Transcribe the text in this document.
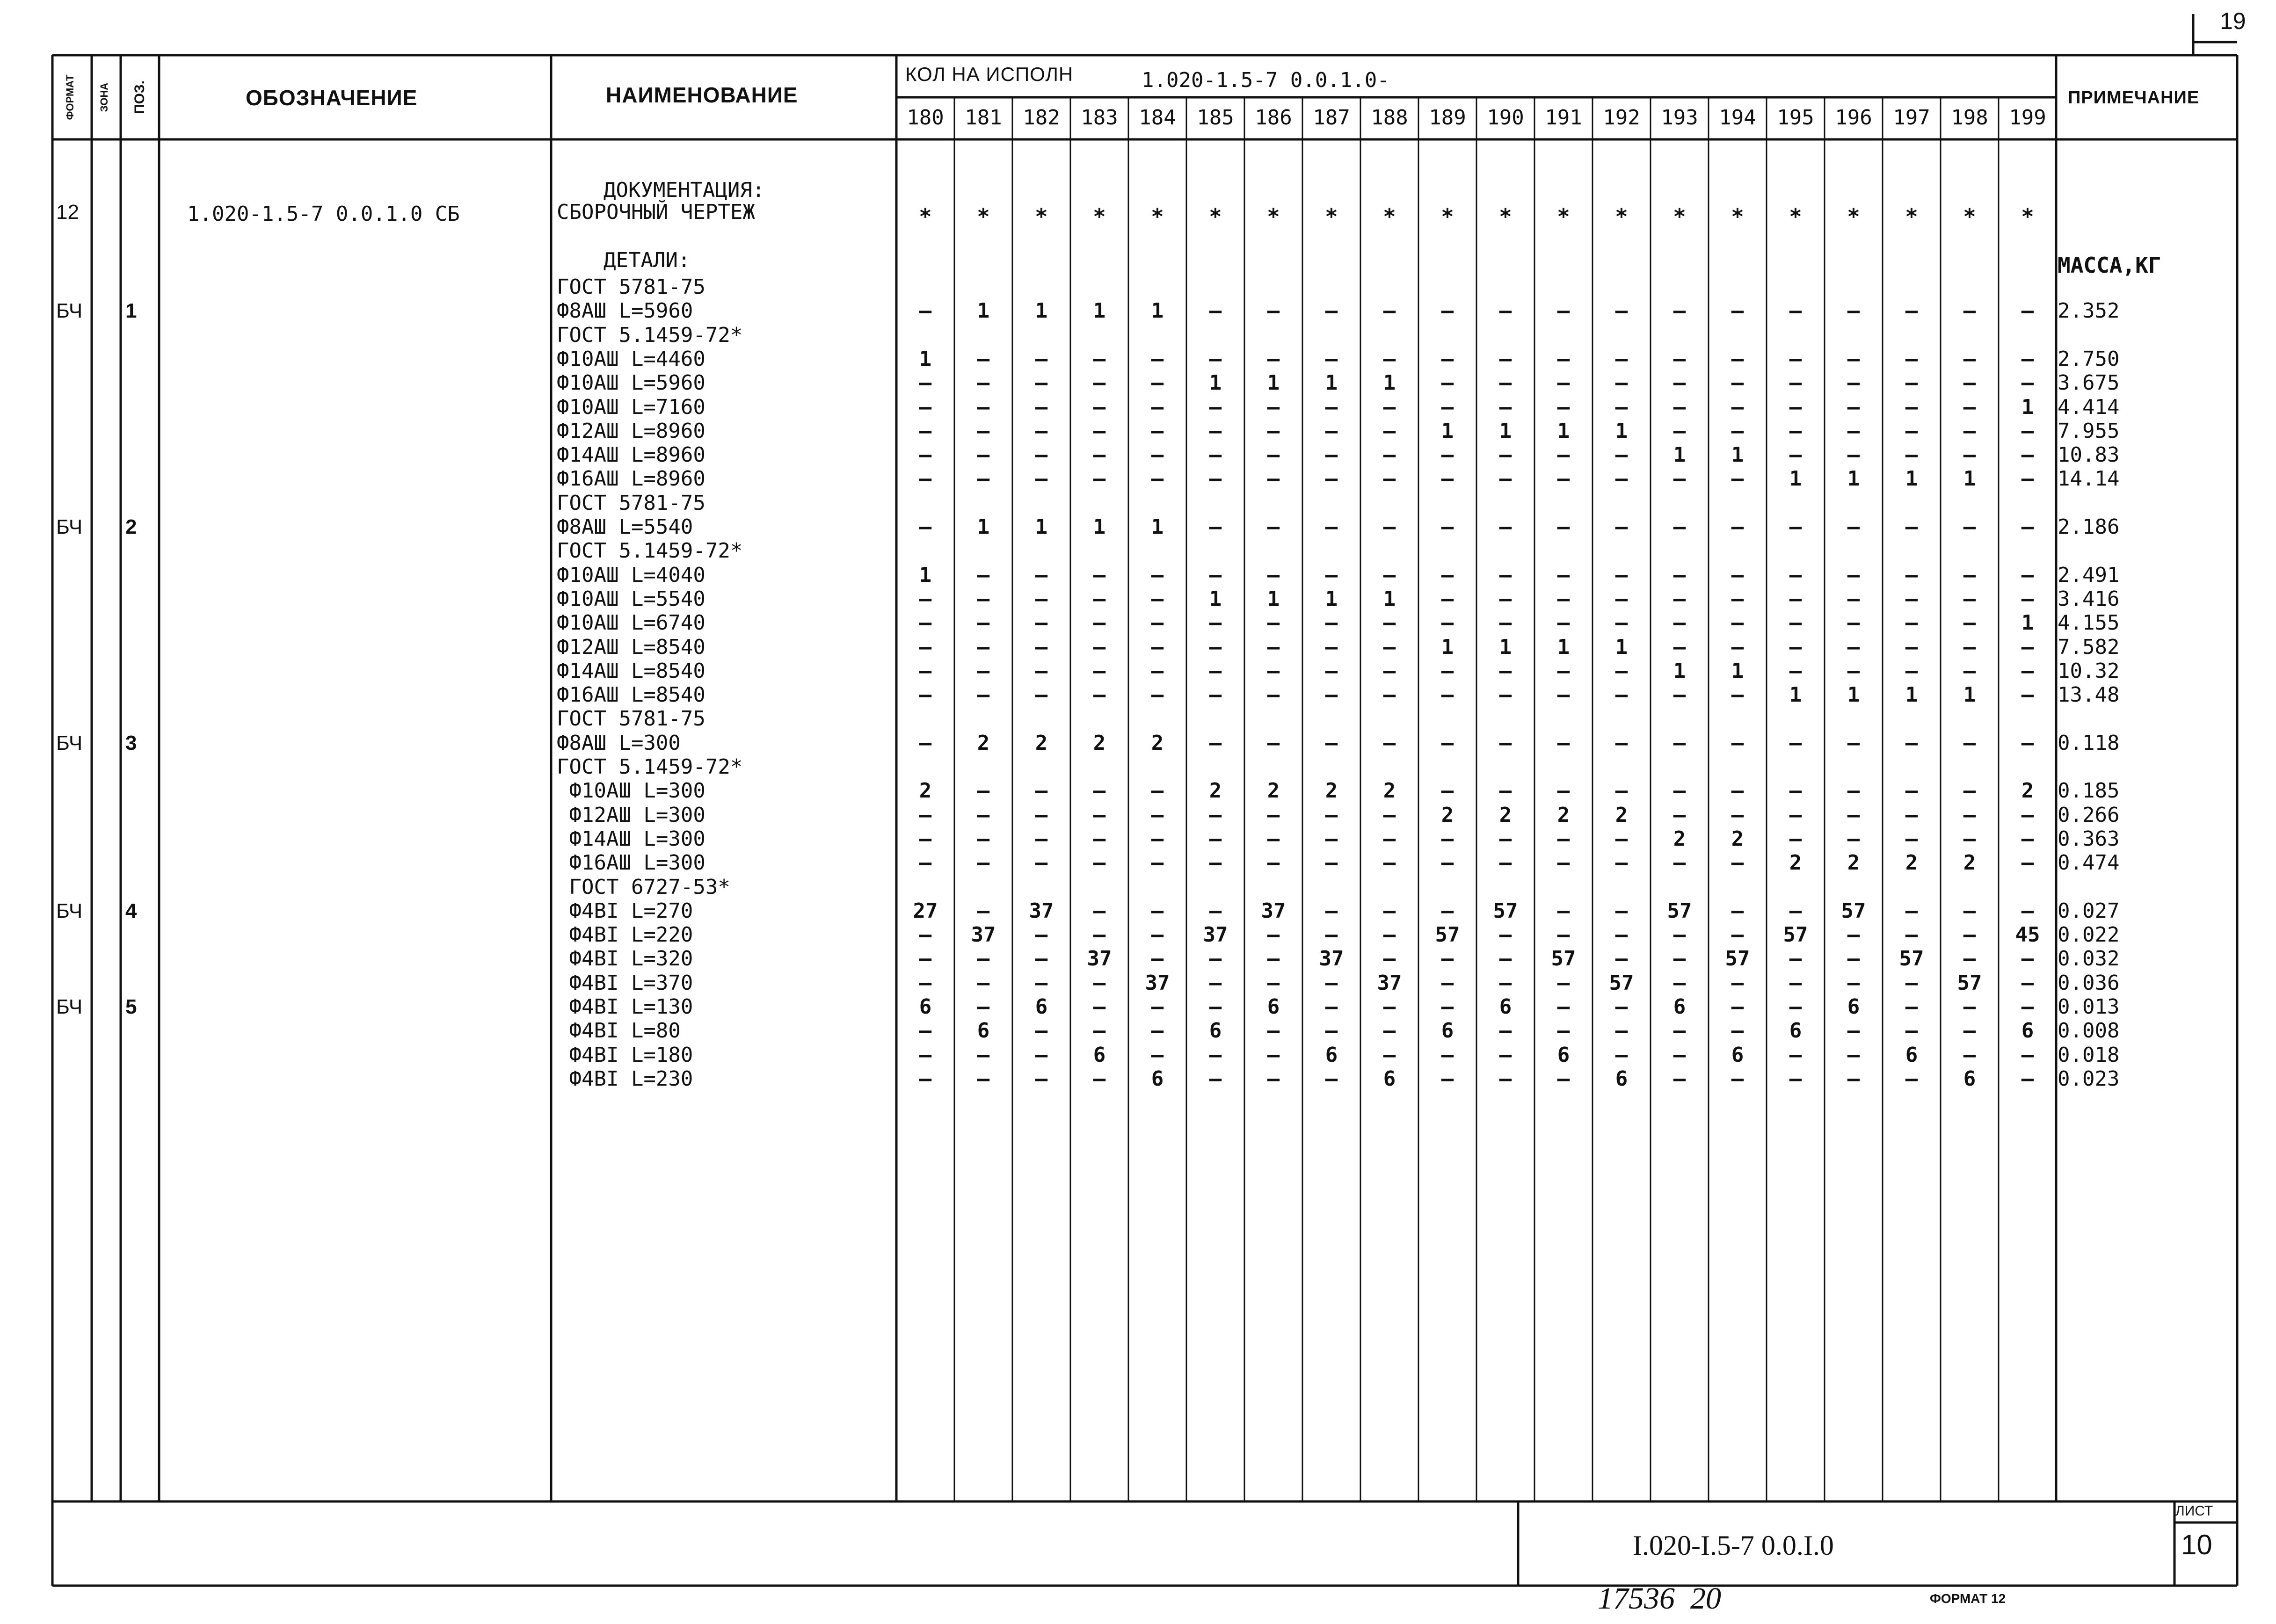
19
ФОРМАТ	ЗОНА ПОЗ.	ОБОЗНАЧЕНИЕ	НАИМЕНОВАНИЕ
КОЛ НА ИСПОЛН	1.020-1.5-7 0.0.1.0-
ПРИМЕЧАНИЕ
180	181	182	183	184	185	186	187	188	189	190	191	192	193	194	195	196	197	198	199
12	1.020-1.5-7 0.0.1.0 СБ
ДОКУМЕНТАЦИЯ:
СБОРОЧНЫЙ ЧЕРТЕЖ	*	*	*	*	*	*	*	*	*	*	*	*	*	*	*	*	*	*	*	*
ДЕТАЛИ:	МАССА,КГ
ГОСТ 5781-75
БЧ 1	Ф8АШ L=5960	–	1	1	1	1	–	–	–	–	–	–	–	–	–	–	–	–	–	–	–	2.352
ГОСТ 5.1459-72*
Ф10АШ L=4460	1	–	–	–	–	–	–	–	–	–	–	–	–	–	–	–	–	–	–	–	2.750
Ф10АШ L=5960	–	–	–	–	–	1	1	1	1	–	–	–	–	–	–	–	–	–	–	–	3.675
Ф10АШ L=7160	–	–	–	–	–	–	–	–	–	–	–	–	–	–	–	–	–	–	–	1	4.414
Ф12АШ L=8960	–	–	–	–	–	–	–	–	–	1	1	1	1	–	–	–	–	–	–	–	7.955
Ф14АШ L=8960	–	–	–	–	–	–	–	–	–	–	–	–	–	1	1	–	–	–	–	–	10.83
Ф16АШ L=8960	–	–	–	–	–	–	–	–	–	–	–	–	–	–	–	1	1	1	1	–	14.14
ГОСТ 5781-75
БЧ 2	Ф8АШ L=5540	–	1	1	1	1	–	–	–	–	–	–	–	–	–	–	–	–	–	–	–	2.186
ГОСТ 5.1459-72*
Ф10АШ L=4040	1	–	–	–	–	–	–	–	–	–	–	–	–	–	–	–	–	–	–	–	2.491
Ф10АШ L=5540	–	–	–	–	–	1	1	1	1	–	–	–	–	–	–	–	–	–	–	–	3.416
Ф10АШ L=6740	–	–	–	–	–	–	–	–	–	–	–	–	–	–	–	–	–	–	–	1	4.155
Ф12АШ L=8540	–	–	–	–	–	–	–	–	–	1	1	1	1	–	–	–	–	–	–	–	7.582
Ф14АШ L=8540	–	–	–	–	–	–	–	–	–	–	–	–	–	1	1	–	–	–	–	–	10.32
Ф16АШ L=8540	–	–	–	–	–	–	–	–	–	–	–	–	–	–	–	1	1	1	1	–	13.48
ГОСТ 5781-75
БЧ 3	Ф8АШ L=300	–	2	2	2	2	–	–	–	–	–	–	–	–	–	–	–	–	–	–	–	0.118
ГОСТ 5.1459-72*
Ф10АШ L=300	2	–	–	–	–	2	2	2	2	–	–	–	–	–	–	–	–	–	–	2	0.185
Ф12АШ L=300	–	–	–	–	–	–	–	–	–	2	2	2	2	–	–	–	–	–	–	–	0.266
Ф14АШ L=300	–	–	–	–	–	–	–	–	–	–	–	–	–	2	2	–	–	–	–	–	0.363
Ф16АШ L=300	–	–	–	–	–	–	–	–	–	–	–	–	–	–	–	2	2	2	2	–	0.474
ГОСТ 6727-53*
БЧ 4	Ф4ВI L=270	27	–	37	–	–	–	37	–	–	–	57	–	–	57	–	–	57	–	–	–	0.027
Ф4ВI L=220	–	37	–	–	–	37	–	–	–	57	–	–	–	–	–	57	–	–	–	45 0.022
Ф4ВI L=320	–	–	–	37	–	–	–	37	–	–	–	57	–	–	57	–	–	57	–	–	0.032
Ф4ВI L=370	–	–	–	–	37	–	–	–	37	–	–	–	57	–	–	–	–	–	57	–	0.036
БЧ 5	Ф4ВI L=130	6	–	6	–	–	–	6	–	–	–	6	–	–	6	–	–	6	–	–	–	0.013
Ф4ВI L=80	–	6	–	–	–	6	–	–	–	6	–	–	–	–	–	6	–	–	–	6	0.008
Ф4ВI L=180	–	–	–	6	–	–	–	6	–	–	–	6	–	–	6	–	–	6	–	–	0.018
Ф4ВI L=230	–	–	–	–	6	–	–	–	6	–	–	–	6	–	–	–	–	–	6	–	0.023
I.020-I.5-7 0.0.I.0
ЛИСТ
10
17536  20	ФОРМАТ 12
